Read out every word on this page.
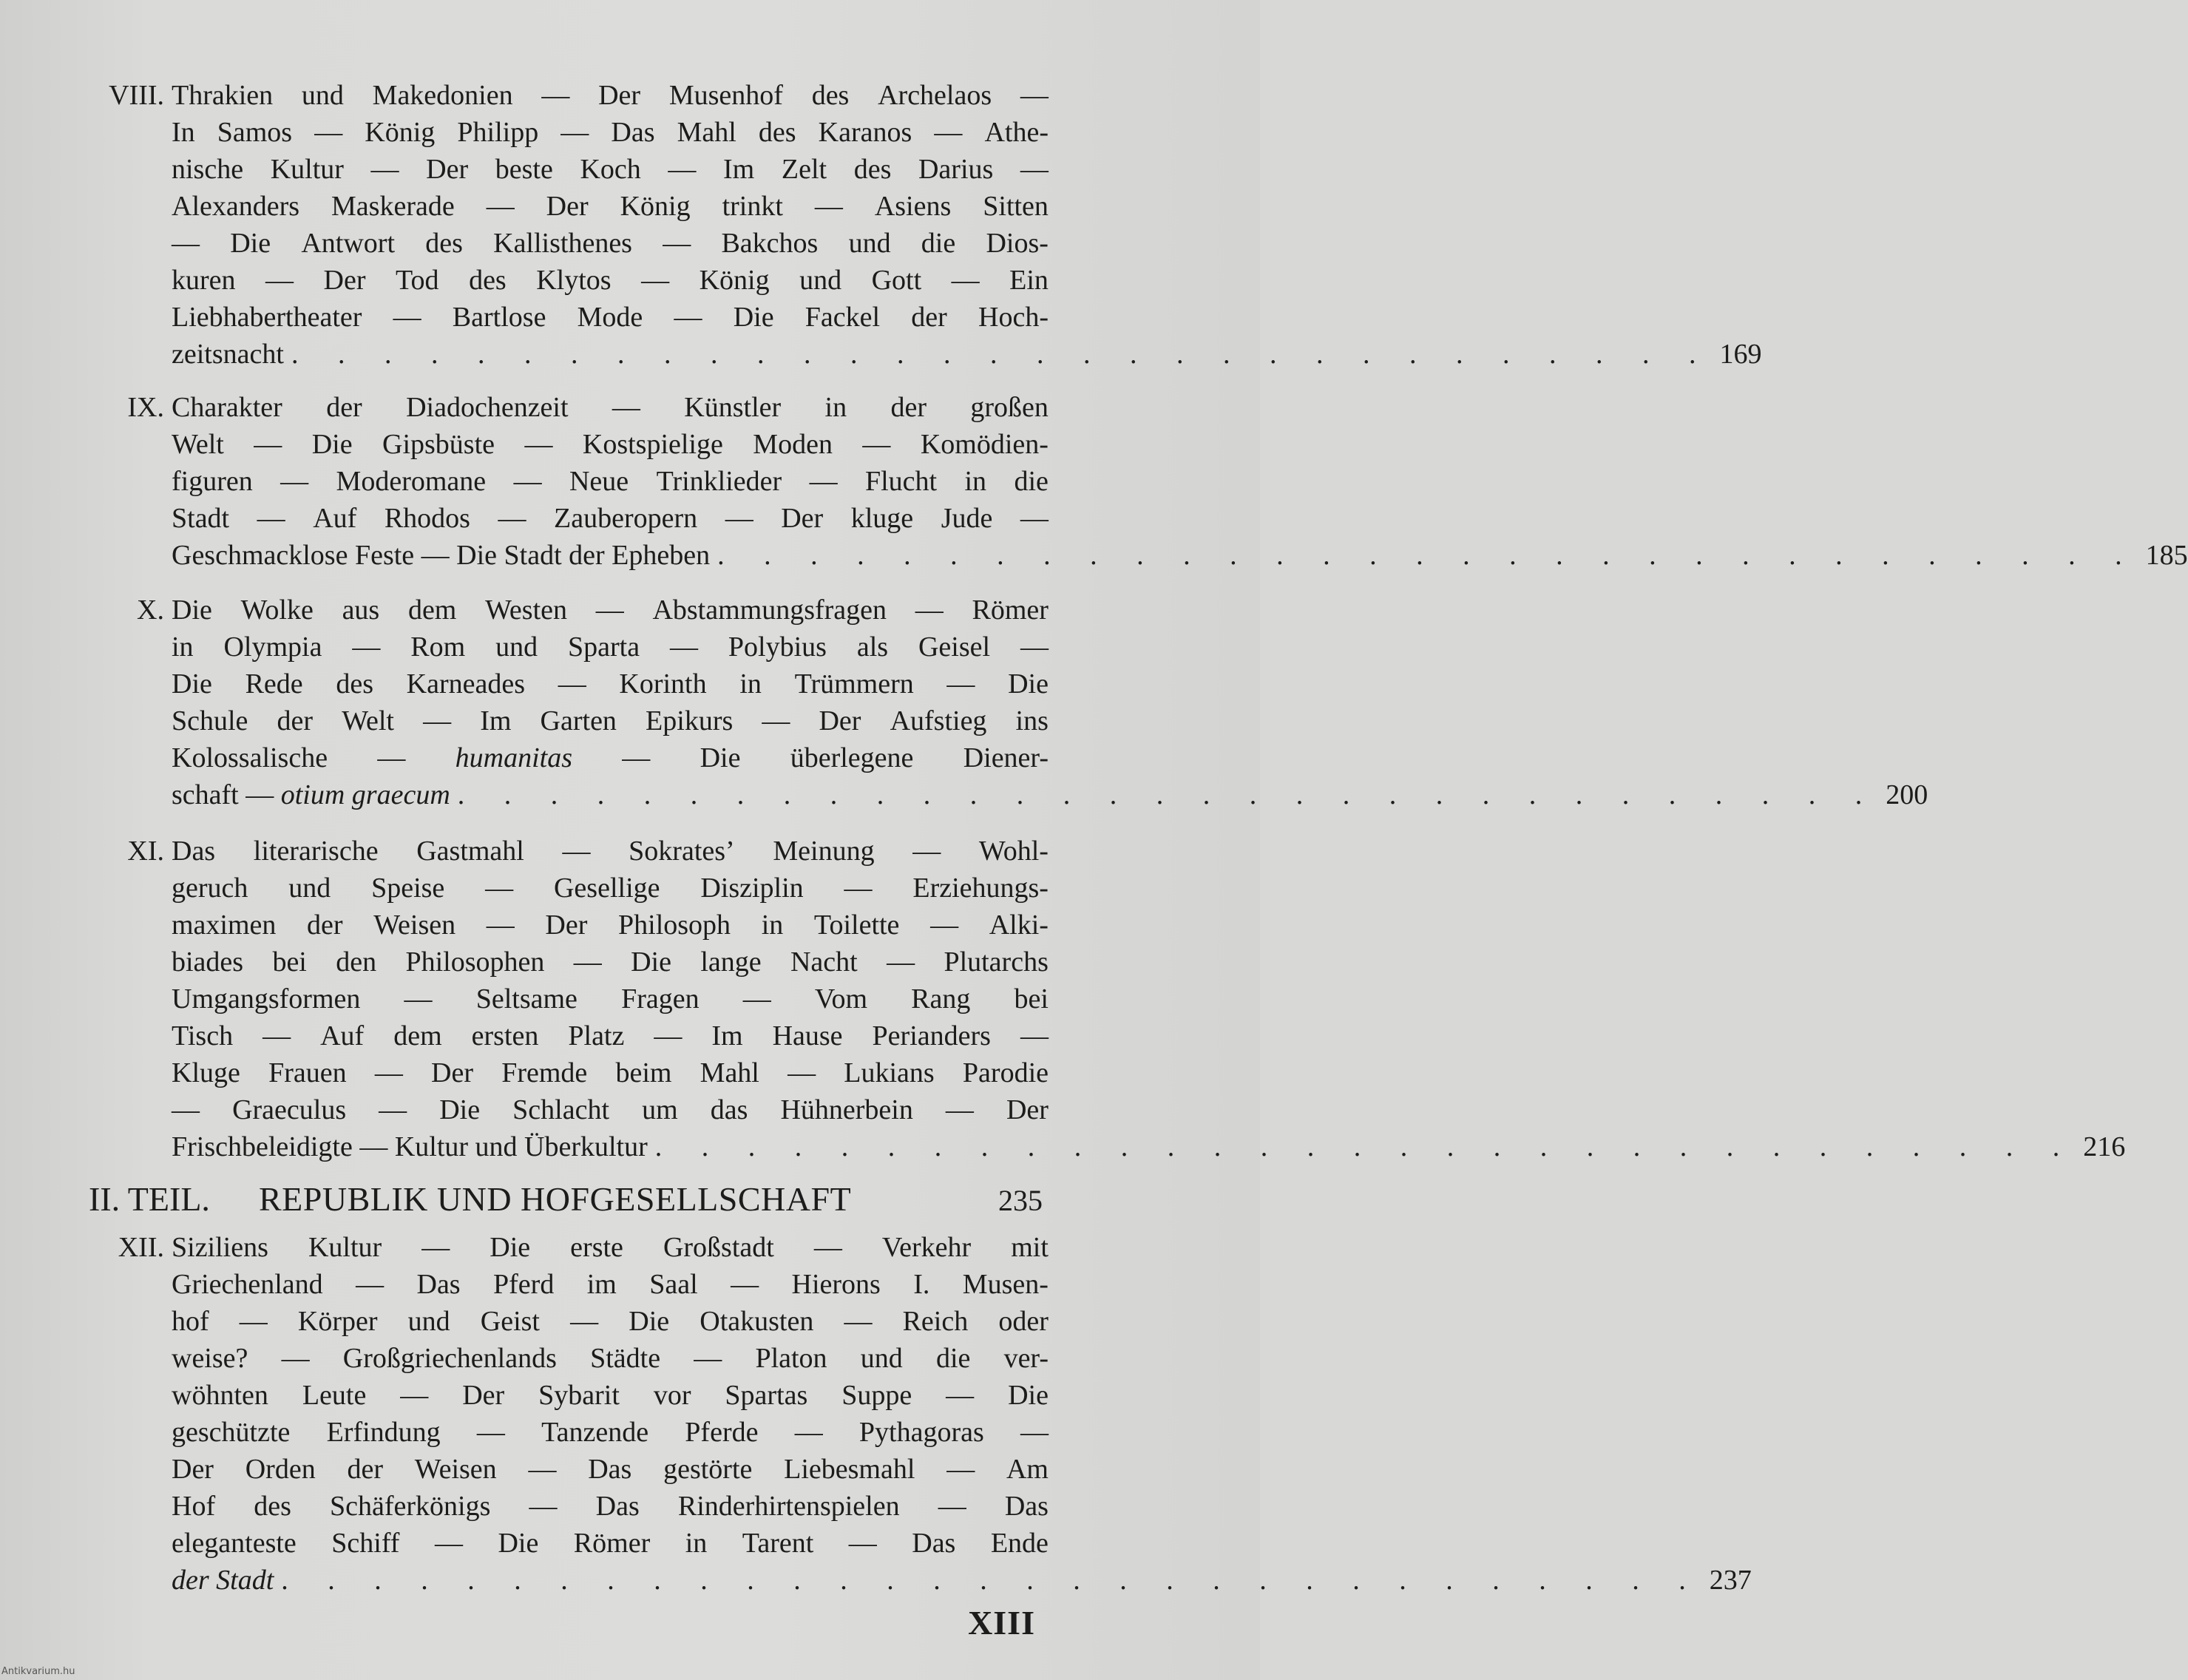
VIII. Thrakien und Makedonien — Der Musenhof des Archelaos —
In Samos — König Philipp — Das Mahl des Karanos — Athe-
nische Kultur — Der beste Koch — Im Zelt des Darius —
Alexanders Maskerade — Der König trinkt — Asiens Sitten
— Die Antwort des Kallisthenes — Bakchos und die Dios-
kuren — Der Tod des Klytos — König und Gott — Ein
Liebhabertheater — Bartlose Mode — Die Fackel der Hoch-
zeitsnacht . . . . . . . . . . . . . . . . . . . . . . . . . . . . . . . 169
IX. Charakter der Diadochenzeit — Künstler in der großen
Welt — Die Gipsbüste — Kostspielige Moden — Komödien-
figuren — Moderomane — Neue Trinklieder — Flucht in die
Stadt — Auf Rhodos — Zauberopern — Der kluge Jude —
Geschmacklose Feste — Die Stadt der Epheben . . . . . . . . . . . . . . . . . . . . . . . . . . . . . . . 185
X. Die Wolke aus dem Westen — Abstammungsfragen — Römer
in Olympia — Rom und Sparta — Polybius als Geisel —
Die Rede des Karneades — Korinth in Trümmern — Die
Schule der Welt — Im Garten Epikurs — Der Aufstieg ins
Kolossalische — humanitas — Die überlegene Diener-
schaft — otium graecum . . . . . . . . . . . . . . . . . . . . . . . . . . . . . . . 200
XI. Das literarische Gastmahl — Sokrates’ Meinung — Wohl-
geruch und Speise — Gesellige Disziplin — Erziehungs-
maximen der Weisen — Der Philosoph in Toilette — Alki-
biades bei den Philosophen — Die lange Nacht — Plutarchs
Umgangsformen — Seltsame Fragen — Vom Rang bei
Tisch — Auf dem ersten Platz — Im Hause Perianders —
Kluge Frauen — Der Fremde beim Mahl — Lukians Parodie
— Graeculus — Die Schlacht um das Hühnerbein — Der
Frischbeleidigte — Kultur und Überkultur . . . . . . . . . . . . . . . . . . . . . . . . . . . . . . . 216
II. TEIL.	REPUBLIK UND HOFGESELLSCHAFT	235
XII. Siziliens Kultur — Die erste Großstadt — Verkehr mit
Griechenland — Das Pferd im Saal — Hierons I. Musen-
hof — Körper und Geist — Die Otakusten — Reich oder
weise? — Großgriechenlands Städte — Platon und die ver-
wöhnten Leute — Der Sybarit vor Spartas Suppe — Die
geschützte Erfindung — Tanzende Pferde — Pythagoras —
Der Orden der Weisen — Das gestörte Liebesmahl — Am
Hof des Schäferkönigs — Das Rinderhirtenspielen — Das
eleganteste Schiff — Die Römer in Tarent — Das Ende
der Stadt . . . . . . . . . . . . . . . . . . . . . . . . . . . . . . . 237
XIII
Antikvarium.hu
